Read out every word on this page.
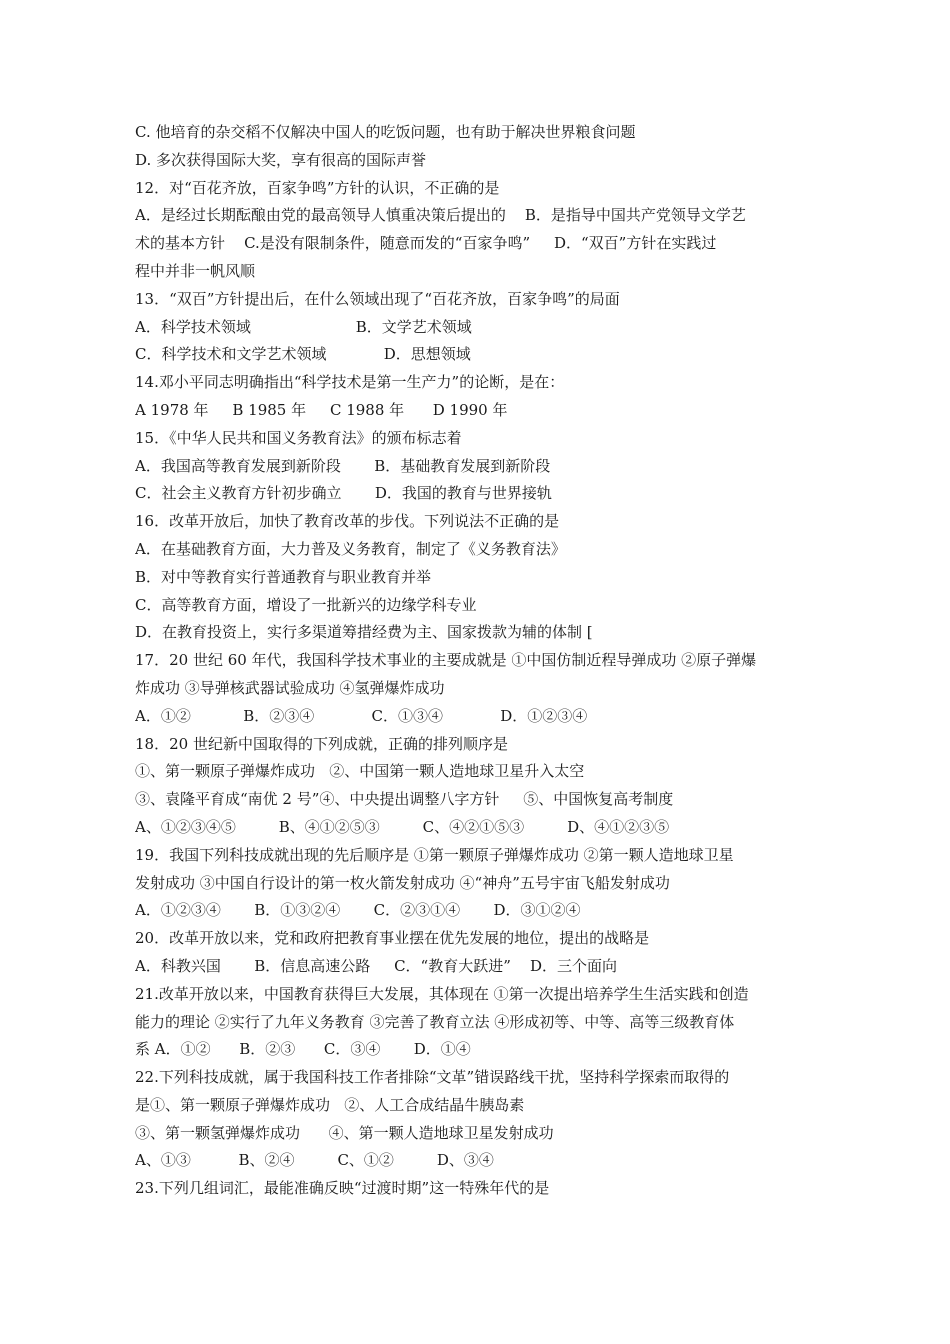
C. 他培育的杂交稻不仅解决中国人的吃饭问题，也有助于解决世界粮食问题
D. 多次获得国际大奖，享有很高的国际声誉
12．对“百花齐放，百家争鸣”方针的认识，不正确的是
A．是经过长期酝酿由党的最高领导人慎重决策后提出的    B．是指导中国共产党领导文学艺
术的基本方针    C.是没有限制条件，随意而发的“百家争鸣”     D．“双百”方针在实践过
程中并非一帆风顺
13．“双百”方针提出后，在什么领域出现了“百花齐放，百家争鸣”的局面
A．科学技术领域                      B．文学艺术领域
C．科学技术和文学艺术领域            D．思想领域
14.邓小平同志明确指出“科学技术是第一生产力”的论断，是在：
A 1978 年     B 1985 年     C 1988 年      D 1990 年
15．《中华人民共和国义务教育法》的颁布标志着
A．我国高等教育发展到新阶段       B．基础教育发展到新阶段
C．社会主义教育方针初步确立       D．我国的教育与世界接轨
16．改革开放后，加快了教育改革的步伐。下列说法不正确的是
A．在基础教育方面，大力普及义务教育，制定了《义务教育法》
B．对中等教育实行普通教育与职业教育并举
C．高等教育方面，增设了一批新兴的边缘学科专业
D．在教育投资上，实行多渠道筹措经费为主、国家拨款为辅的体制 [
17．20 世纪 60 年代，我国科学技术事业的主要成就是 ①中国仿制近程导弹成功 ②原子弹爆
炸成功 ③导弹核武器试验成功 ④氢弹爆炸成功
A．①②           B．②③④            C．①③④            D．①②③④
18．20 世纪新中国取得的下列成就，正确的排列顺序是
①、第一颗原子弹爆炸成功   ②、中国第一颗人造地球卫星升入太空
③、袁隆平育成“南优 2 号”④、中央提出调整八字方针     ⑤、中国恢复高考制度
A、①②③④⑤         B、④①②⑤③         C、④②①⑤③         D、④①②③⑤
19．我国下列科技成就出现的先后顺序是 ①第一颗原子弹爆炸成功 ②第一颗人造地球卫星
发射成功 ③中国自行设计的第一枚火箭发射成功 ④“神舟”五号宇宙飞船发射成功
A．①②③④       B．①③②④       C．②③①④       D．③①②④
20．改革开放以来，党和政府把教育事业摆在优先发展的地位，提出的战略是
A．科教兴国       B．信息高速公路     C．“教育大跃进”    D．三个面向
21.改革开放以来，中国教育获得巨大发展，其体现在 ①第一次提出培养学生生活实践和创造
能力的理论 ②实行了九年义务教育 ③完善了教育立法 ④形成初等、中等、高等三级教育体
系 A．①②      B．②③      C．③④       D．①④
22.下列科技成就，属于我国科技工作者排除“文革”错误路线干扰，坚持科学探索而取得的
是①、第一颗原子弹爆炸成功   ②、人工合成结晶牛胰岛素
③、第一颗氢弹爆炸成功      ④、第一颗人造地球卫星发射成功
A、①③          B、②④         C、①②         D、③④
23.下列几组词汇，最能准确反映“过渡时期”这一特殊年代的是
